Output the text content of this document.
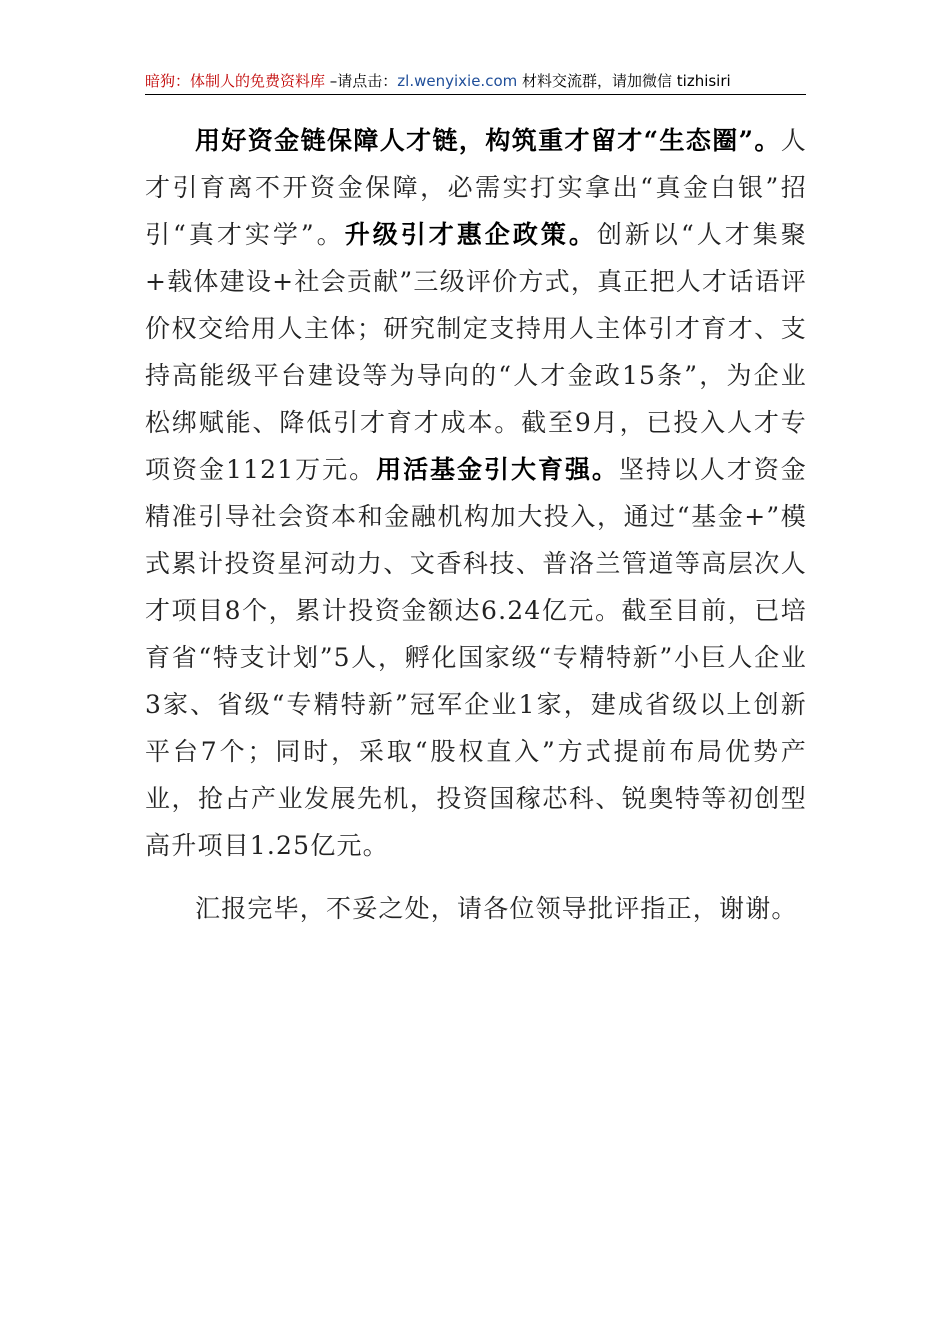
暗狗：体制人的免费资料库 –请点击：zl.wenyixie.com 材料交流群，请加微信 tizhisiri

用好资金链保障人才链，构筑重才留才“生态圈”。人才引育离不开资金保障，必需实打实拿出“真金白银”招引“真才实学”。升级引才惠企政策。创新以“人才集聚+载体建设+社会贡献”三级评价方式，真正把人才话语评价权交给用人主体；研究制定支持用人主体引才育才、支持高能级平台建设等为导向的“人才金政15条”，为企业松绑赋能、降低引才育才成本。截至9月，已投入人才专项资金1121万元。用活基金引大育强。坚持以人才资金精准引导社会资本和金融机构加大投入，通过“基金+”模式累计投资星河动力、文香科技、普洛兰管道等高层次人才项目8个，累计投资金额达6.24亿元。截至目前，已培育省“特支计划”5人，孵化国家级“专精特新”小巨人企业3家、省级“专精特新”冠军企业1家，建成省级以上创新平台7个；同时，采取“股权直入”方式提前布局优势产业，抢占产业发展先机，投资国稼芯科、锐奥特等初创型高升项目1.25亿元。

汇报完毕，不妥之处，请各位领导批评指正，谢谢。
